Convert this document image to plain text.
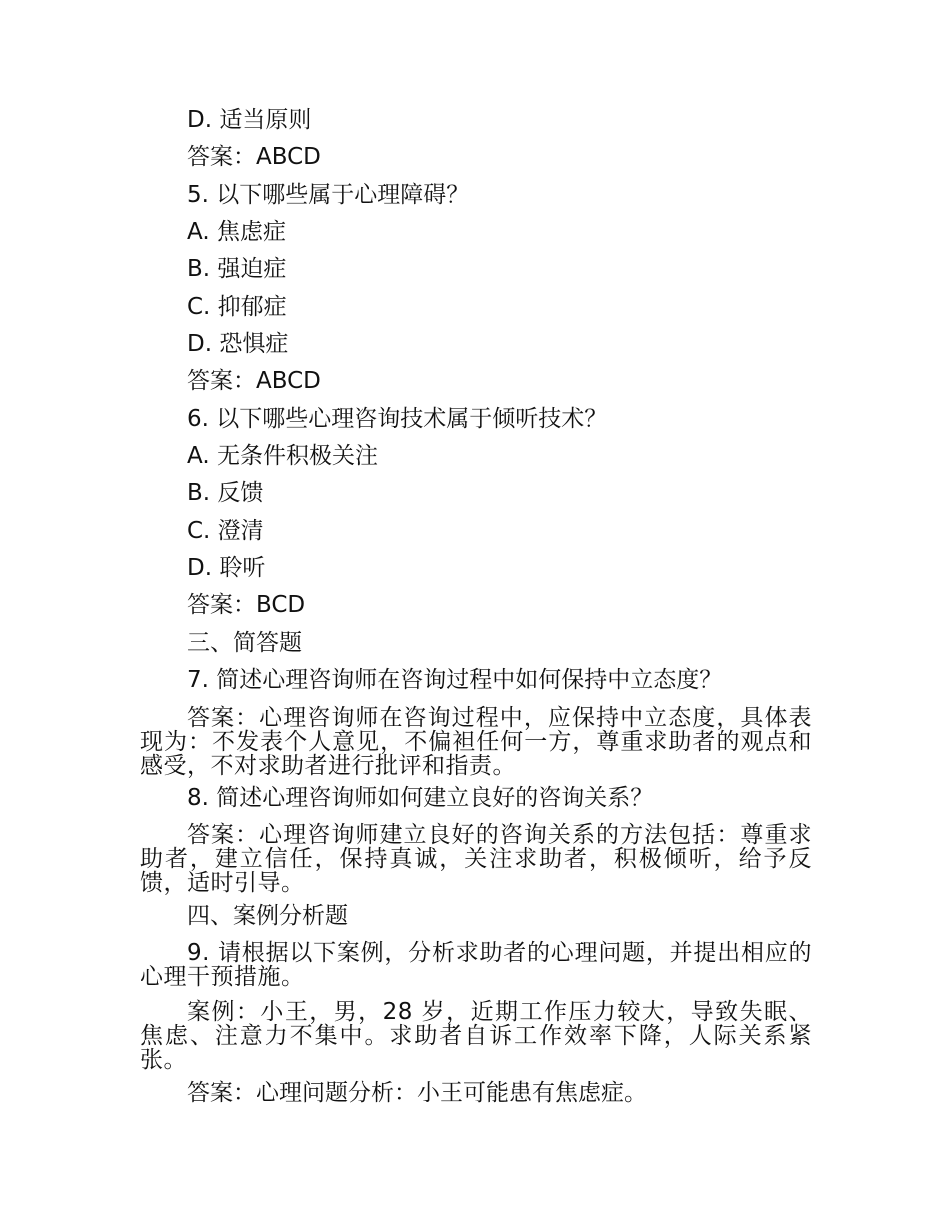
D. 适当原则
答案：ABCD
5. 以下哪些属于心理障碍？
A. 焦虑症
B. 强迫症
C. 抑郁症
D. 恐惧症
答案：ABCD
6. 以下哪些心理咨询技术属于倾听技术？
A. 无条件积极关注
B. 反馈
C. 澄清
D. 聆听
答案：BCD
三、简答题
7. 简述心理咨询师在咨询过程中如何保持中立态度？
答案：心理咨询师在咨询过程中，应保持中立态度，具体表现为：不发表个人意见，不偏袒任何一方，尊重求助者的观点和感受，不对求助者进行批评和指责。
8. 简述心理咨询师如何建立良好的咨询关系？
答案：心理咨询师建立良好的咨询关系的方法包括：尊重求助者，建立信任，保持真诚，关注求助者，积极倾听，给予反馈，适时引导。
四、案例分析题
9. 请根据以下案例，分析求助者的心理问题，并提出相应的心理干预措施。
案例：小王，男，28 岁，近期工作压力较大，导致失眠、焦虑、注意力不集中。求助者自诉工作效率下降，人际关系紧张。
答案：心理问题分析：小王可能患有焦虑症。
